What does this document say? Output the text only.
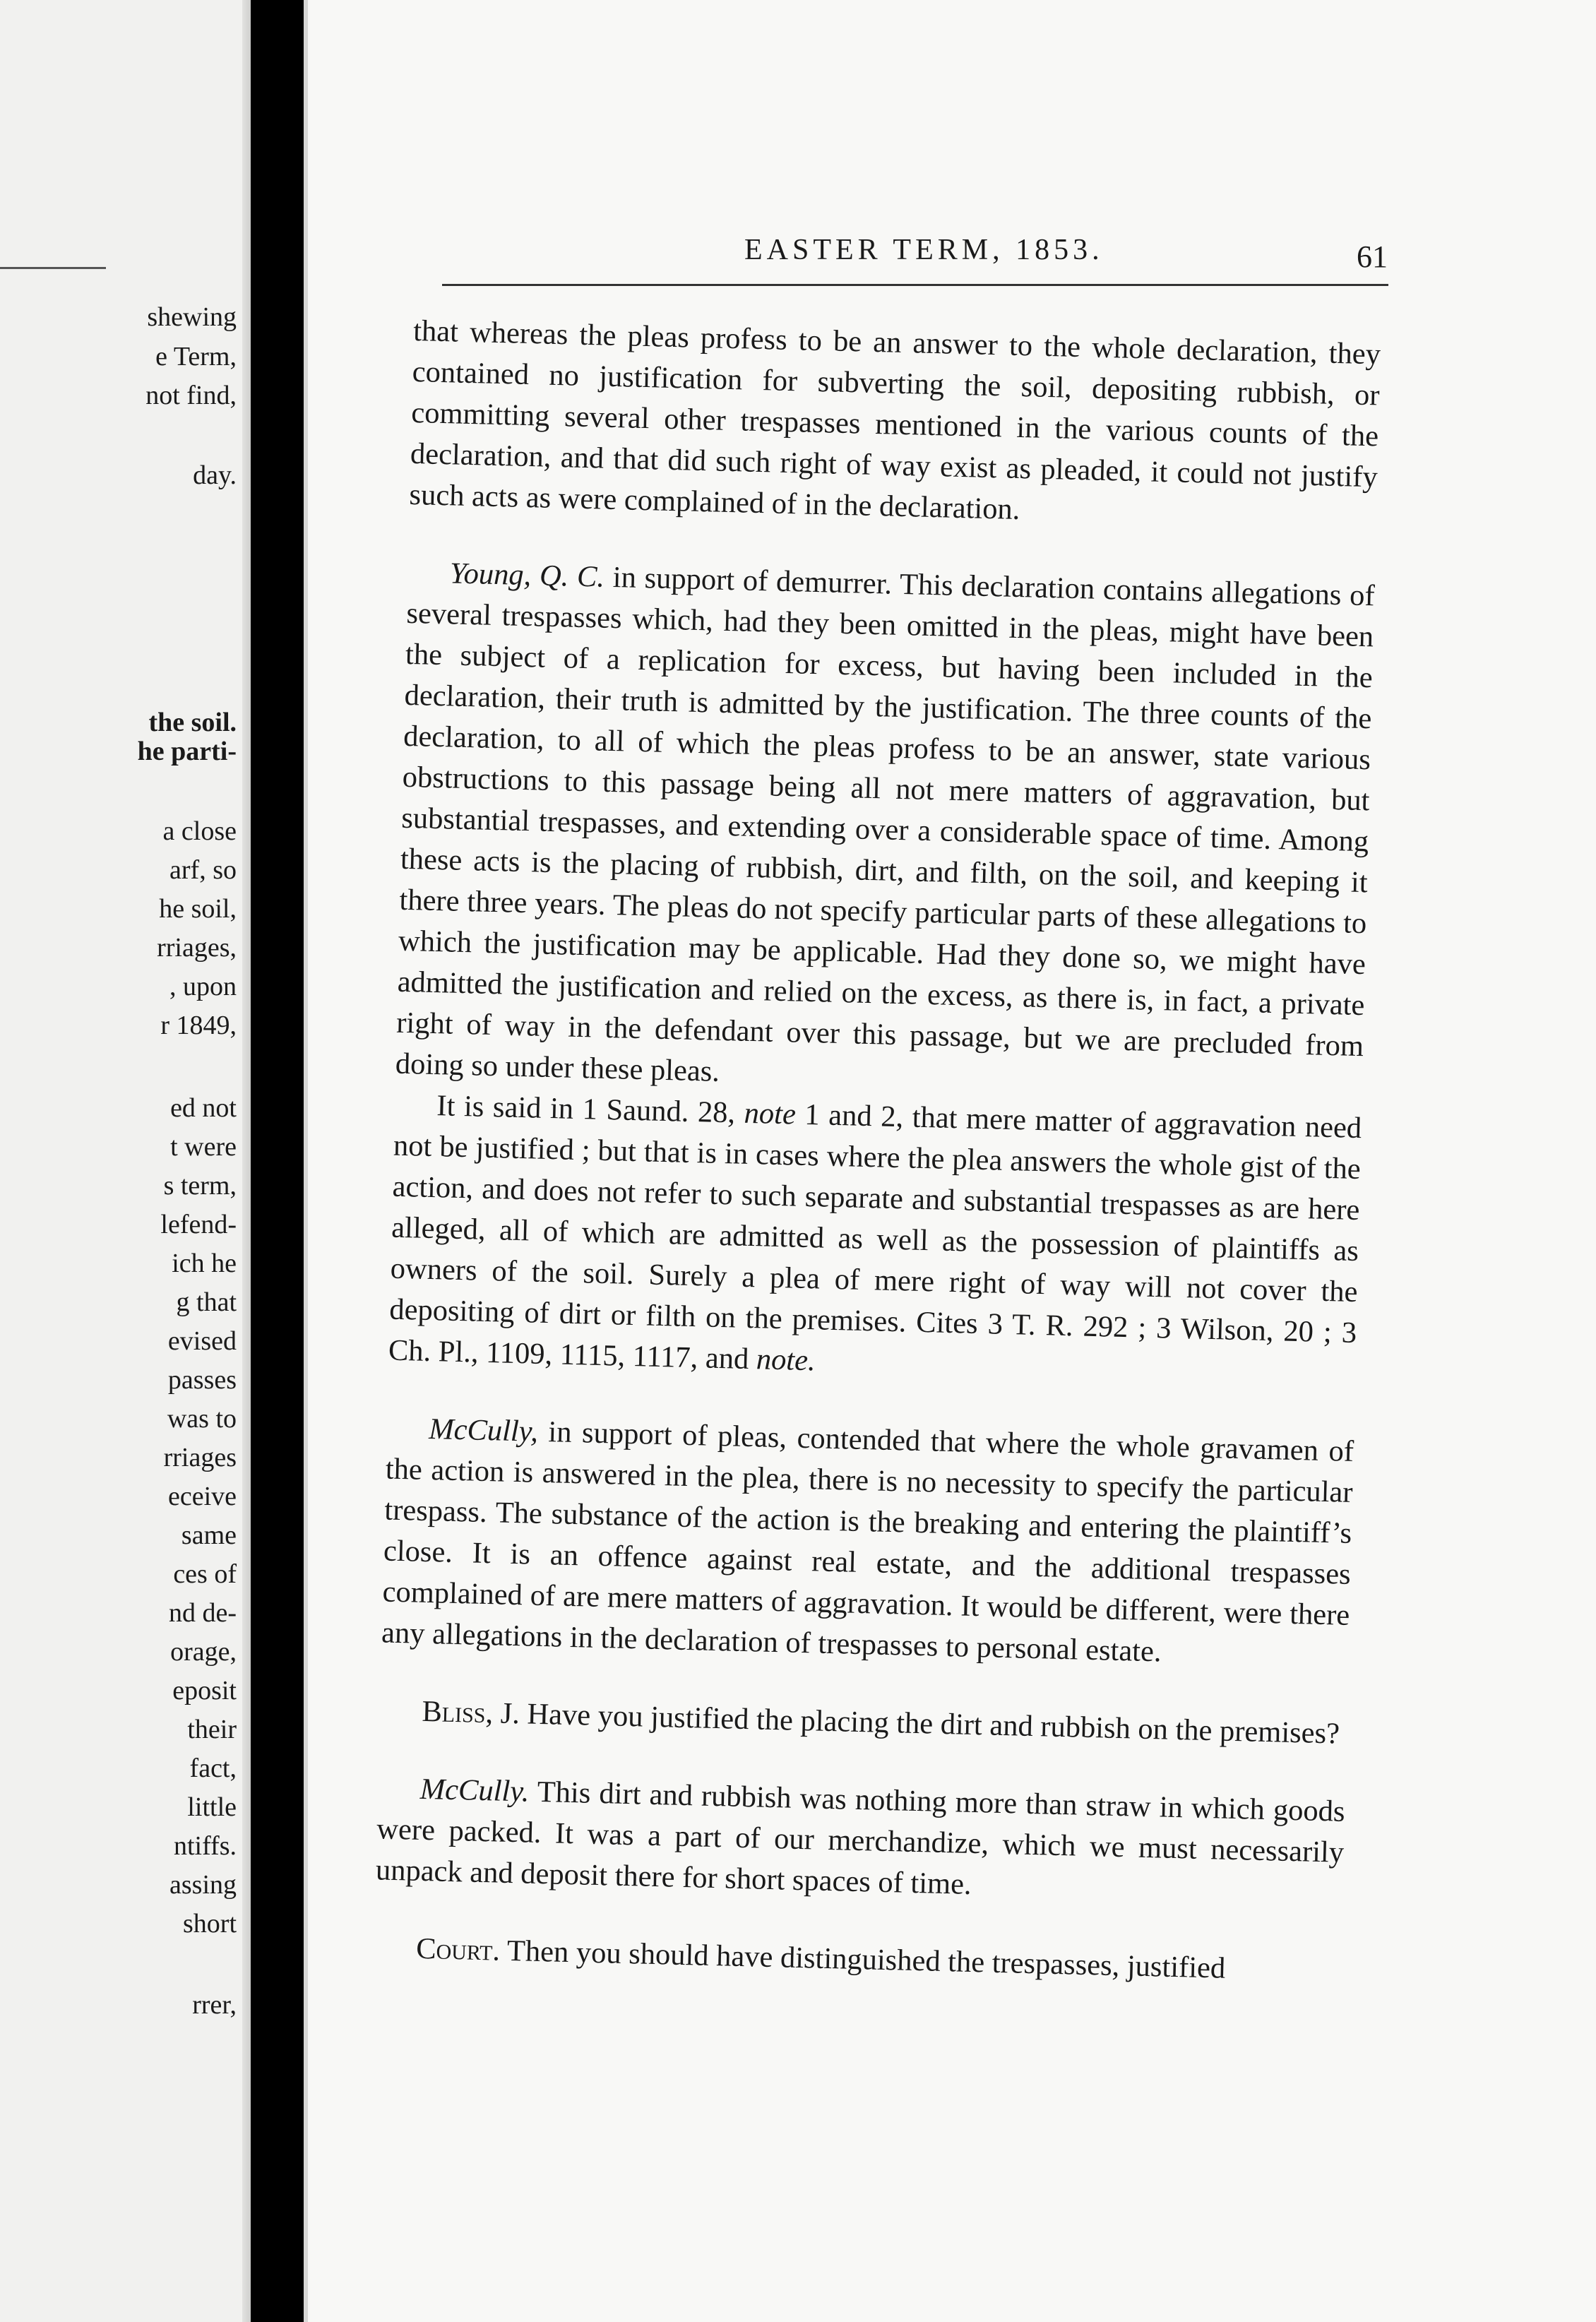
shewing
e Term,
not find,
day.
the soil.
he parti-
a close
arf, so
he soil,
rriages,
, upon
r 1849,
ed not
t were
s term,
lefend-
ich he
g that
evised
passes
was to
rriages
eceive
same
ces of
nd de-
orage,
eposit
their
fact,
little
ntiffs.
assing
short
rrer,
EASTER TERM, 1853.	61

that whereas the pleas profess to be an answer to the whole declaration, they contained no justification for subverting the soil, depositing rubbish, or committing several other trespasses mentioned in the various counts of the declaration, and that did such right of way exist as pleaded, it could not justify such acts as were complained of in the declaration.

Young, Q. C. in support of demurrer. This declaration contains allegations of several trespasses which, had they been omitted in the pleas, might have been the subject of a replication for excess, but having been included in the declaration, their truth is admitted by the justification. The three counts of the declaration, to all of which the pleas profess to be an answer, state various obstructions to this passage being all not mere matters of aggravation, but substantial trespasses, and extending over a considerable space of time. Among these acts is the placing of rubbish, dirt, and filth, on the soil, and keeping it there three years. The pleas do not specify particular parts of these allegations to which the justification may be applicable. Had they done so, we might have admitted the justification and relied on the excess, as there is, in fact, a private right of way in the defendant over this passage, but we are precluded from doing so under these pleas.

It is said in 1 Saund. 28, note 1 and 2, that mere matter of aggravation need not be justified ; but that is in cases where the plea answers the whole gist of the action, and does not refer to such separate and substantial trespasses as are here alleged, all of which are admitted as well as the possession of plaintiffs as owners of the soil. Surely a plea of mere right of way will not cover the depositing of dirt or filth on the premises. Cites 3 T. R. 292 ; 3 Wilson, 20 ; 3 Ch. Pl., 1109, 1115, 1117, and note.

McCully, in support of pleas, contended that where the whole gravamen of the action is answered in the plea, there is no necessity to specify the particular trespass. The substance of the action is the breaking and entering the plaintiff’s close. It is an offence against real estate, and the additional trespasses complained of are mere matters of aggravation. It would be different, were there any allegations in the declaration of trespasses to personal estate.

Bliss, J. Have you justified the placing the dirt and rubbish on the premises?

McCully. This dirt and rubbish was nothing more than straw in which goods were packed. It was a part of our merchandize, which we must necessarily unpack and deposit there for short spaces of time.

Court. Then you should have distinguished the trespasses, justified
